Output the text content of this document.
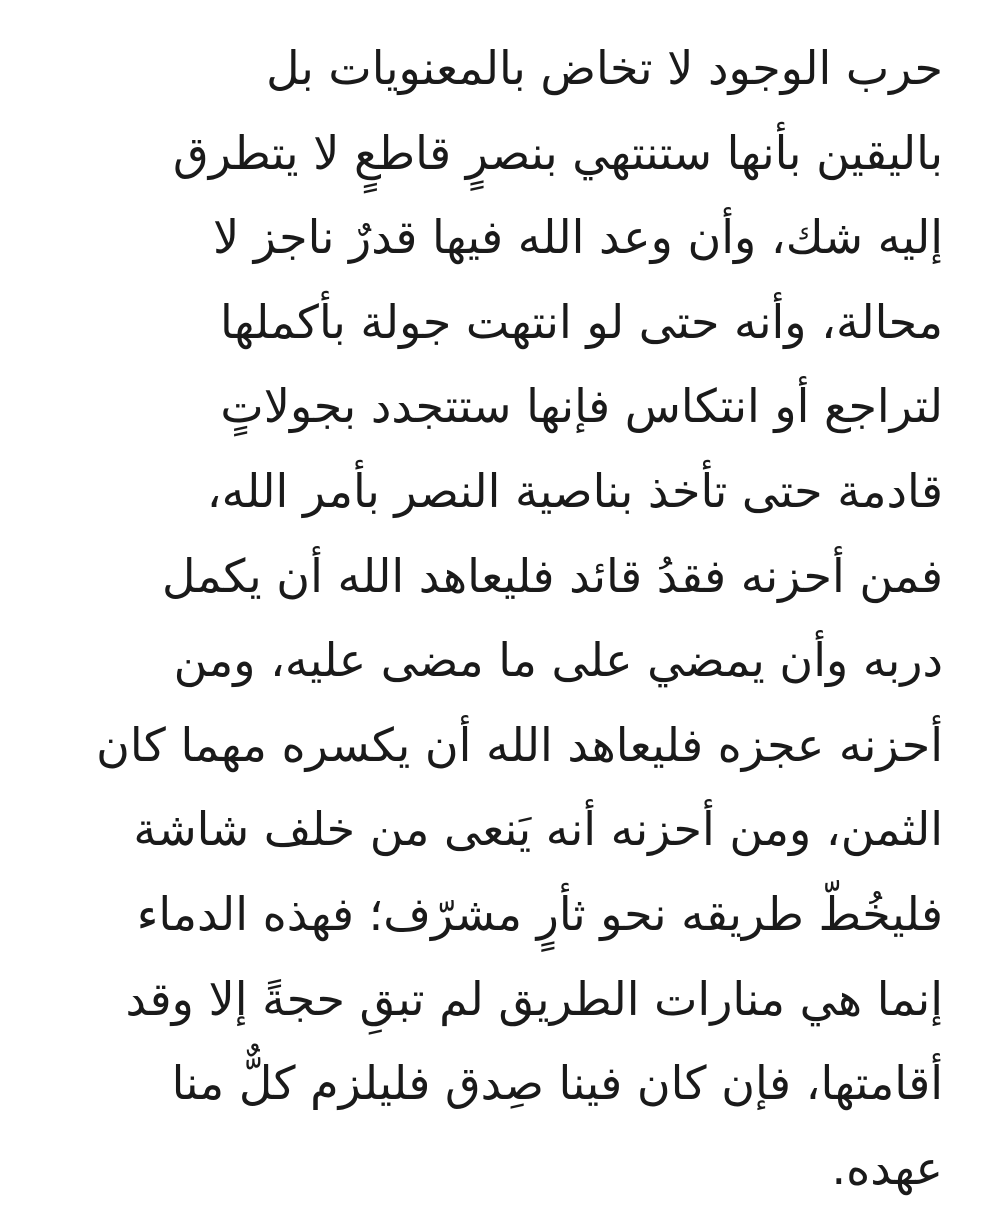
حرب الوجود لا تخاض بالمعنويات بل
باليقين بأنها ستنتهي بنصرٍ قاطعٍ لا يتطرق
إليه شك، وأن وعد الله فيها قدرٌ ناجز لا
محالة، وأنه حتى لو انتهت جولة بأكملها
لتراجع أو انتكاس فإنها ستتجدد بجولاتٍ
قادمة حتى تأخذ بناصية النصر بأمر الله،
فمن أحزنه فقدُ قائد فليعاهد الله أن يكمل
دربه وأن يمضي على ما مضى عليه، ومن
أحزنه عجزه فليعاهد الله أن يكسره مهما كان
الثمن، ومن أحزنه أنه يَنعى من خلف شاشة
فليخُطّ طريقه نحو ثأرٍ مشرّف؛ فهذه الدماء
إنما هي منارات الطريق لم تبقِ حجةً إلا وقد
أقامتها، فإن كان فينا صِدق فليلزم كلٌّ منا
عهده.
